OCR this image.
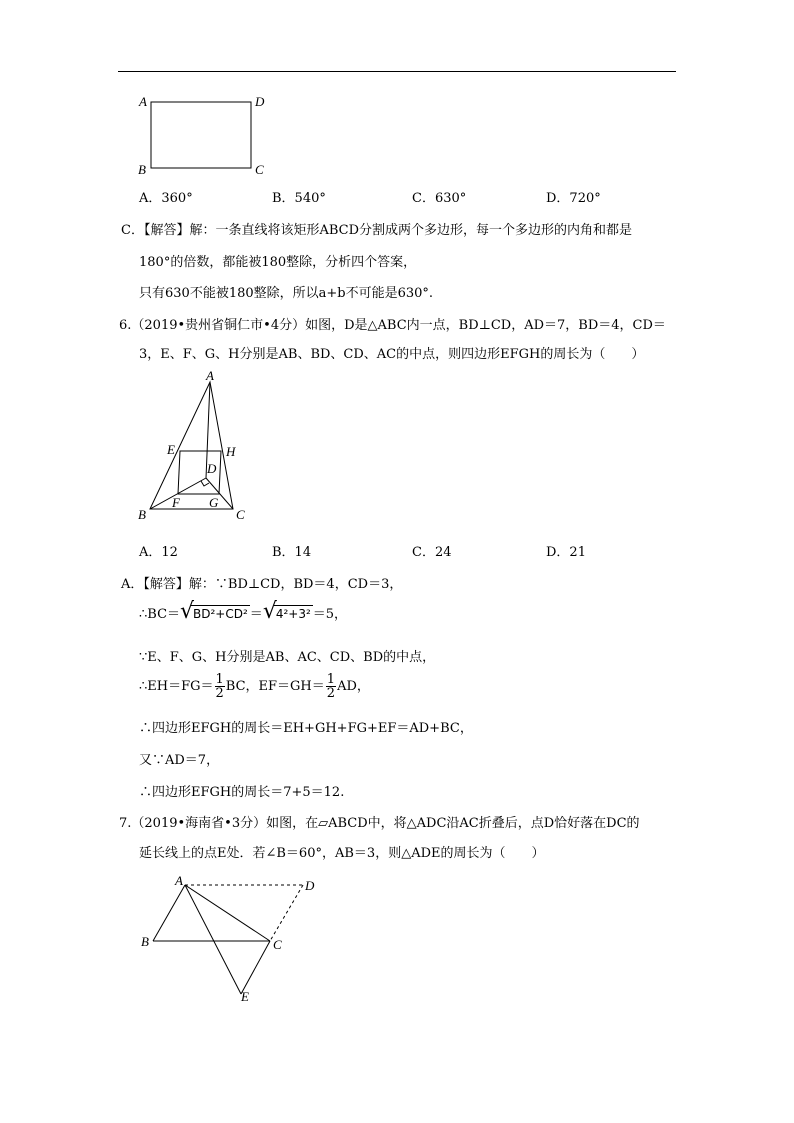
A	D
B	C
A．360°	B．540°	C．630°	D．720°
C．【解答】解：一条直线将该矩形ABCD分割成两个多边形，每一个多边形的内角和都是
180°的倍数，都能被180整除，分析四个答案，
只有630不能被180整除，所以a+b不可能是630°.
6.（2019•贵州省铜仁市•4分）如图，D是△ABC内一点，BD⊥CD，AD＝7，BD＝4，CD＝
3，E、F、G、H分别是AB、BD、CD、AC的中点，则四边形EFGH的周长为（　　）
A
E	H
D
F G
B	C
A．12	B．14	C．24	D．21
A．【解答】解：∵BD⊥CD，BD＝4，CD＝3，
∴BC＝ √
BD²+CD² ＝ √
4²+3² ＝5，
∵E、F、G、H分别是AB、AC、CD、BD的中点，
∴EH＝FG＝ $\frac{1}{2}$ BC，$EF=GH= \frac{1}{2}$ AD，
∴四边形EFGH的周长＝EH+GH+FG+EF＝AD+BC，
又∵AD＝7，
∴四边形EFGH的周长＝7+5＝12.
7.（2019•海南省•3分）如图，在▱ABCD中，将△ADC沿AC折叠后，点D恰好落在DC的
延长线上的点E处．若∠B＝60°，AB＝3，则△ADE的周长为（　　）
A	D
B	C
E
